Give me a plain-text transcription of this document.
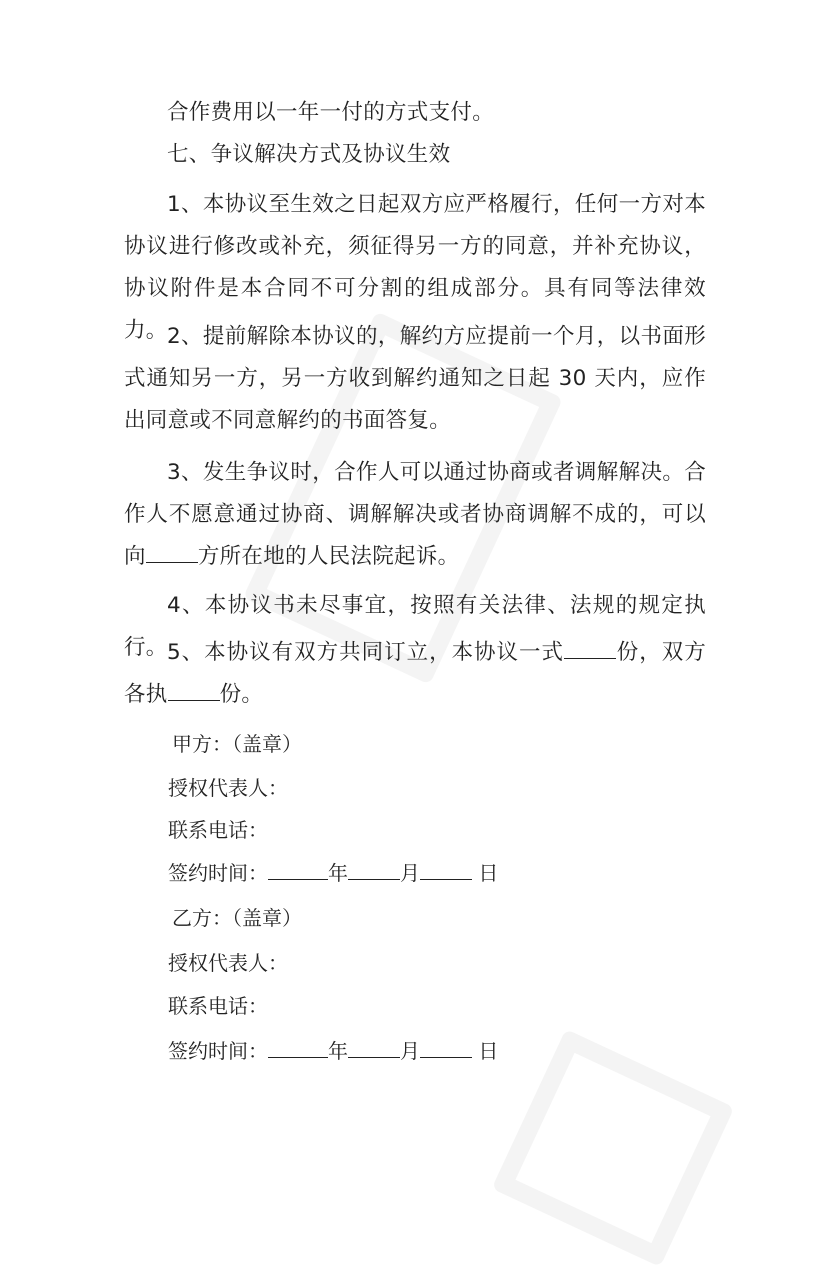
合作费用以一年一付的方式支付。

七、争议解决方式及协议生效

1、本协议至生效之日起双方应严格履行，任何一方对本协议进行修改或补充，须征得另一方的同意，并补充协议，协议附件是本合同不可分割的组成部分。具有同等法律效力。 2、提前解除本协议的，解约方应提前一个月，以书面形式通知另一方，另一方收到解约通知之日起 30 天内，应作出同意或不同意解约的书面答复。

3、发生争议时，合作人可以通过协商或者调解解决。合作人不愿意通过协商、调解解决或者协商调解不成的，可以向 方所在地的人民法院起诉。

4、本协议书未尽事宜，按照有关法律、法规的规定执行。 5、本协议有双方共同订立，本协议一式 份，双方各执 份。

甲方：（盖章）

授权代表人：

联系电话：

签约时间：	年	月	日

乙方：（盖章）

授权代表人：

联系电话：

签约时间：	年	月	日
